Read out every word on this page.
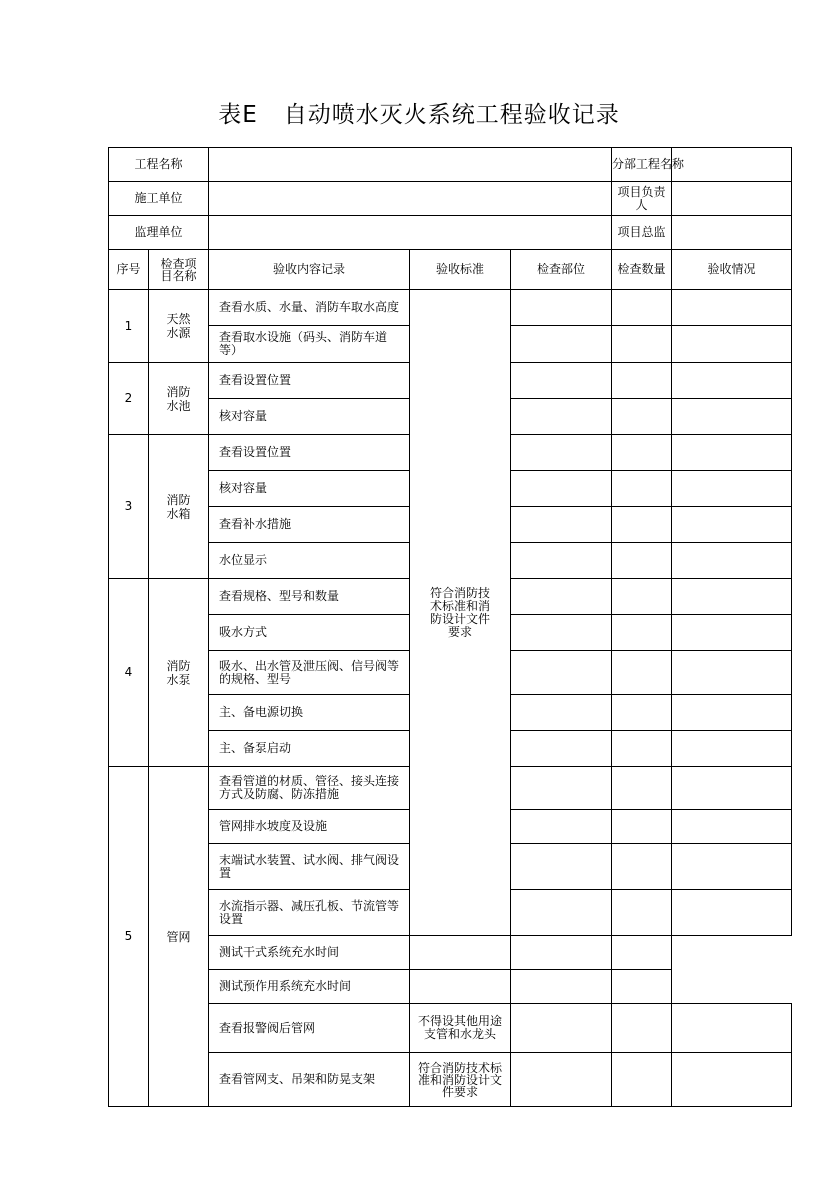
表E 自动喷水灭火系统工程验收记录
工程名称					分部工程名称	
施工单位					项目负责人	
监理单位					项目总监	
序号	检查项目名称	验收内容记录	验收标准	检查部位	检查数量	验收情况
1	天然水源	查看水质、水量、消防车取水高度	符合消防技术标准和消防设计文件要求			
		查看取水设施（码头、消防车道等）				
2	消防水池	查看设置位置				
		核对容量				
3	消防水箱	查看设置位置				
		核对容量				
		查看补水措施				
		水位显示				
4	消防水泵	查看规格、型号和数量				
		吸水方式				
		吸水、出水管及泄压阀、信号阀等的规格、型号				
		主、备电源切换				
		主、备泵启动				
5	管网	查看管道的材质、管径、接头连接方式及防腐、防冻措施				
		管网排水坡度及设施				
		末端试水装置、试水阀、排气阀设置				
		水流指示器、减压孔板、节流管等设置				
		测试干式系统充水时间				
		测试预作用系统充水时间				
		查看报警阀后管网	不得设其他用途支管和水龙头			
		查看管网支、吊架和防晃支架	符合消防技术标准和消防设计文件要求			
